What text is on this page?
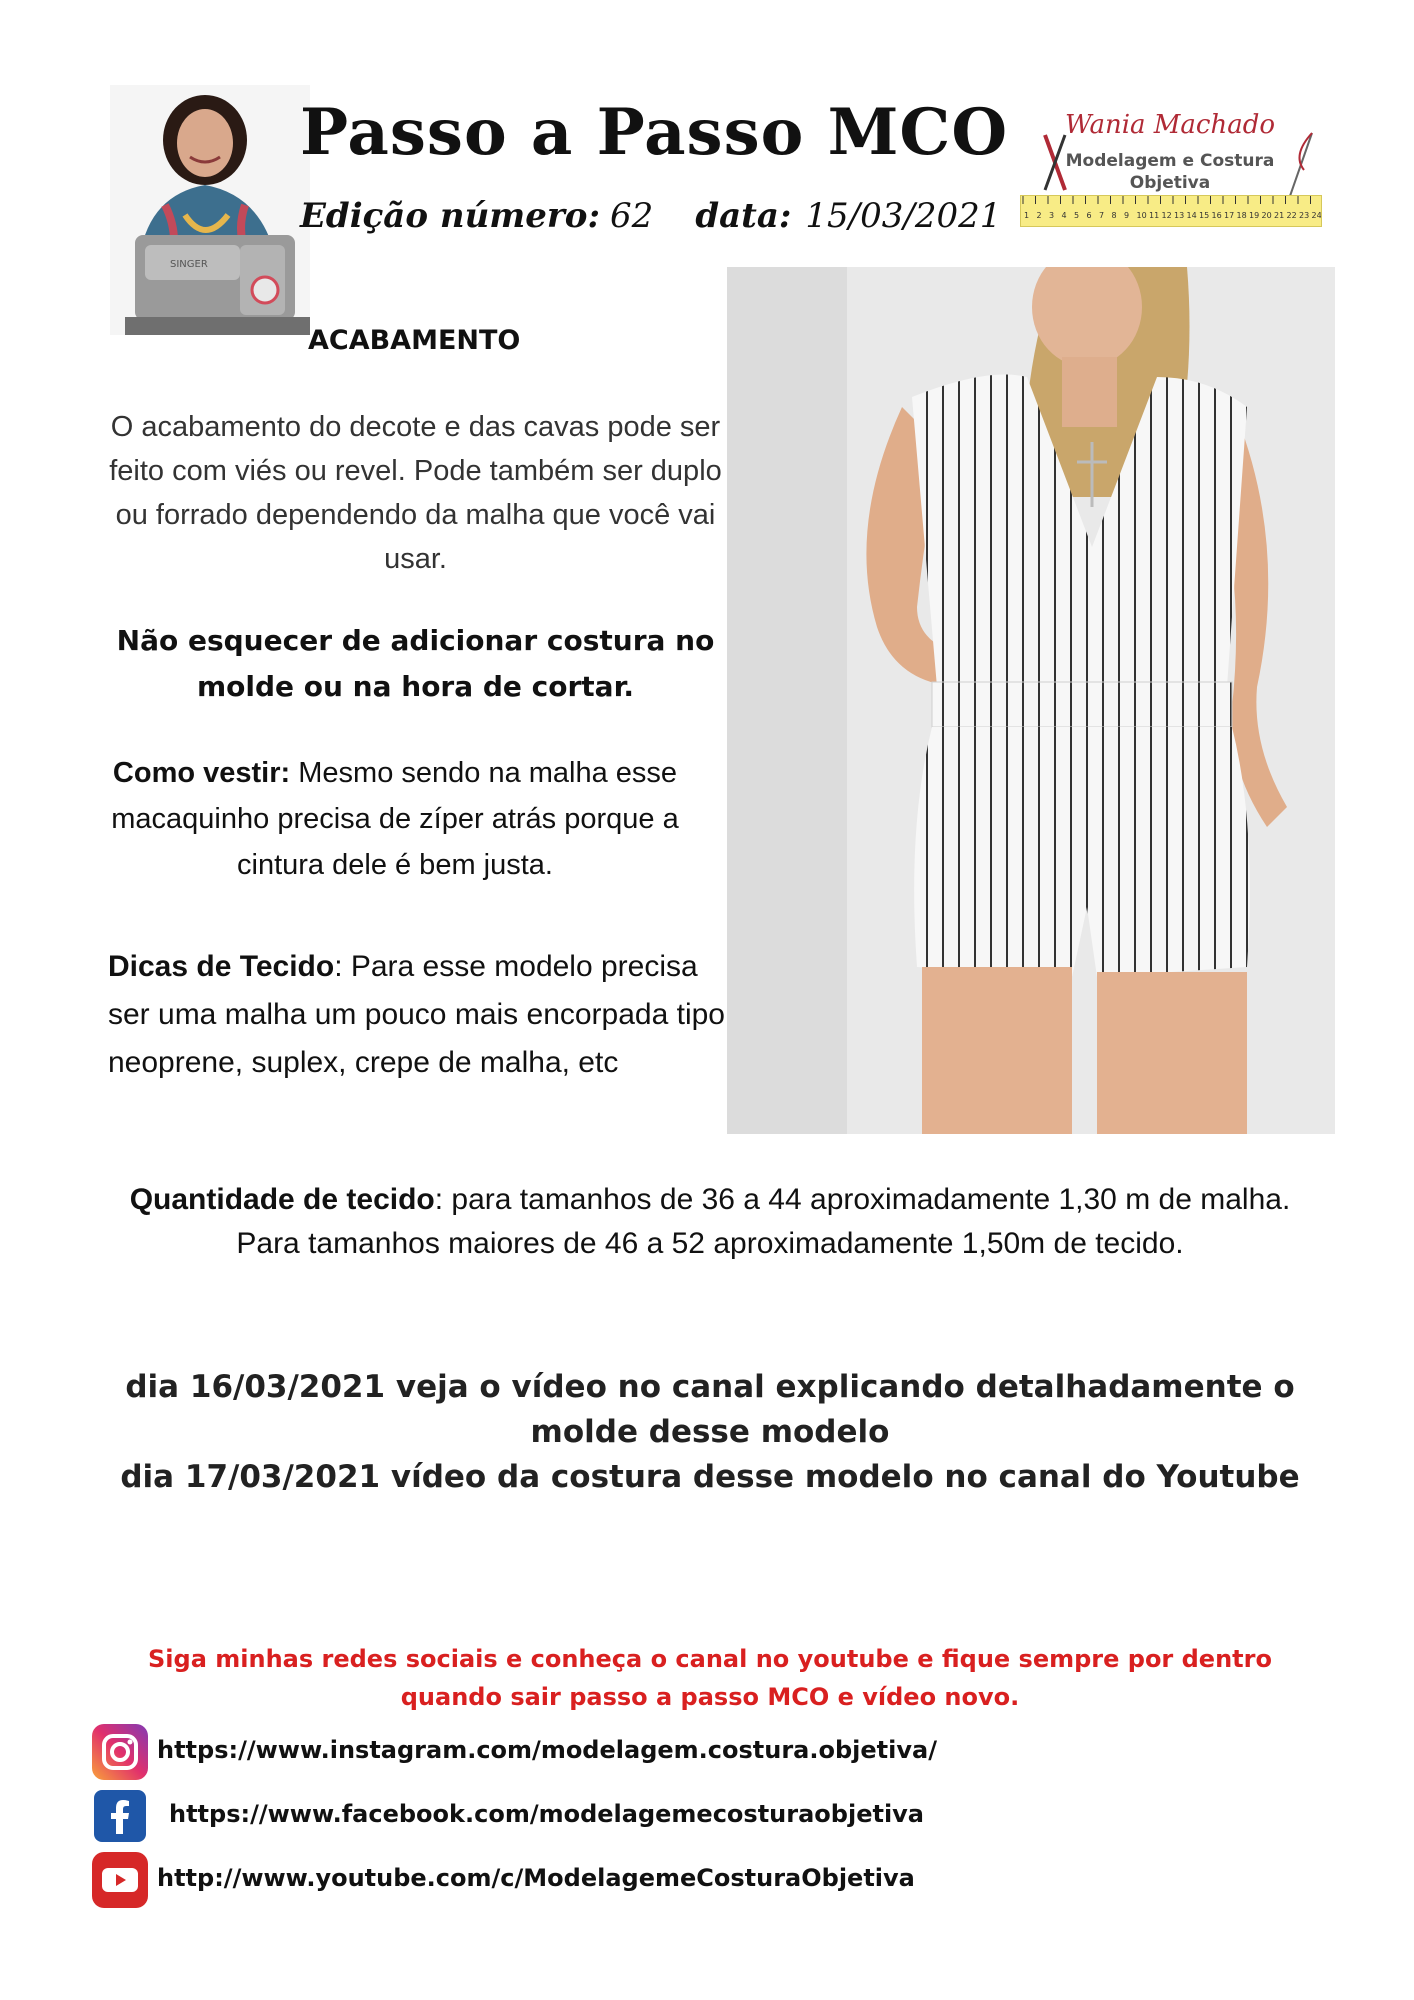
SINGER
Passo a Passo MCO
Edição número: 62 data: 15/03/2021
Wania Machado
Modelagem e Costura Objetiva
1 2 3 4 5 6 7 8 9 10 11 12 13 14 15 16 17 18 19 20 21 22 23 24
ACABAMENTO
O acabamento do decote e das cavas pode ser feito com viés ou revel. Pode também ser duplo ou forrado dependendo da malha que você vai usar.
Não esquecer de adicionar costura no molde ou na hora de cortar.
Como vestir: Mesmo sendo na malha esse macaquinho precisa de zíper atrás porque a cintura dele é bem justa.
Dicas de Tecido: Para esse modelo precisa ser uma malha um pouco mais encorpada tipo neoprene, suplex, crepe de malha, etc
Quantidade de tecido: para tamanhos de 36 a 44 aproximadamente 1,30 m de malha.
Para tamanhos maiores de 46 a 52 aproximadamente 1,50m de tecido.
dia 16/03/2021 veja o vídeo no canal explicando detalhadamente o molde desse modelo
dia 17/03/2021 vídeo da costura desse modelo no canal do Youtube
Siga minhas redes sociais e conheça o canal no youtube e fique sempre por dentro quando sair passo a passo MCO e vídeo novo.
https://www.instagram.com/modelagem.costura.objetiva/
https://www.facebook.com/modelagemecosturaobjetiva
http://www.youtube.com/c/ModelagemeCosturaObjetiva
